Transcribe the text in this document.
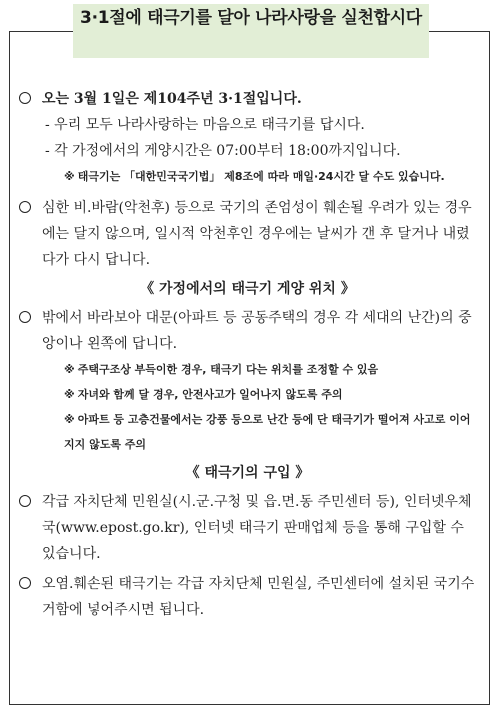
3·1절에 태극기를 달아 나라사랑을 실천합시다

오는 3월 1일은 제104주년 3·1절입니다.

- 우리 모두 나라사랑하는 마음으로 태극기를 답시다.

- 각 가정에서의 게양시간은 07:00부터 18:00까지입니다.

※ 태극기는 「대한민국국기법」 제8조에 따라 매일·24시간 달 수도 있습니다.

심한 비.바람(악천후) 등으로 국기의 존엄성이 훼손될 우려가 있는 경우에는 달지 않으며, 일시적 악천후인 경우에는 날씨가 갠 후 달거나 내렸다가 다시 답니다.

《 가정에서의 태극기 게양 위치 》

밖에서 바라보아 대문(아파트 등 공동주택의 경우 각 세대의 난간)의 중앙이나 왼쪽에 답니다.

※ 주택구조상 부득이한 경우, 태극기 다는 위치를 조정할 수 있음

※ 자녀와 함께 달 경우, 안전사고가 일어나지 않도록 주의

※ 아파트 등 고층건물에서는 강풍 등으로 난간 등에 단 태극기가 떨어져 사고로 이어지지 않도록 주의

《 태극기의 구입 》

각급 자치단체 민원실(시.군.구청 및 읍.면.동 주민센터 등), 인터넷우체국(www.epost.go.kr), 인터넷 태극기 판매업체 등을 통해 구입할 수 있습니다.

오염.훼손된 태극기는 각급 자치단체 민원실, 주민센터에 설치된 국기수거함에 넣어주시면 됩니다.
